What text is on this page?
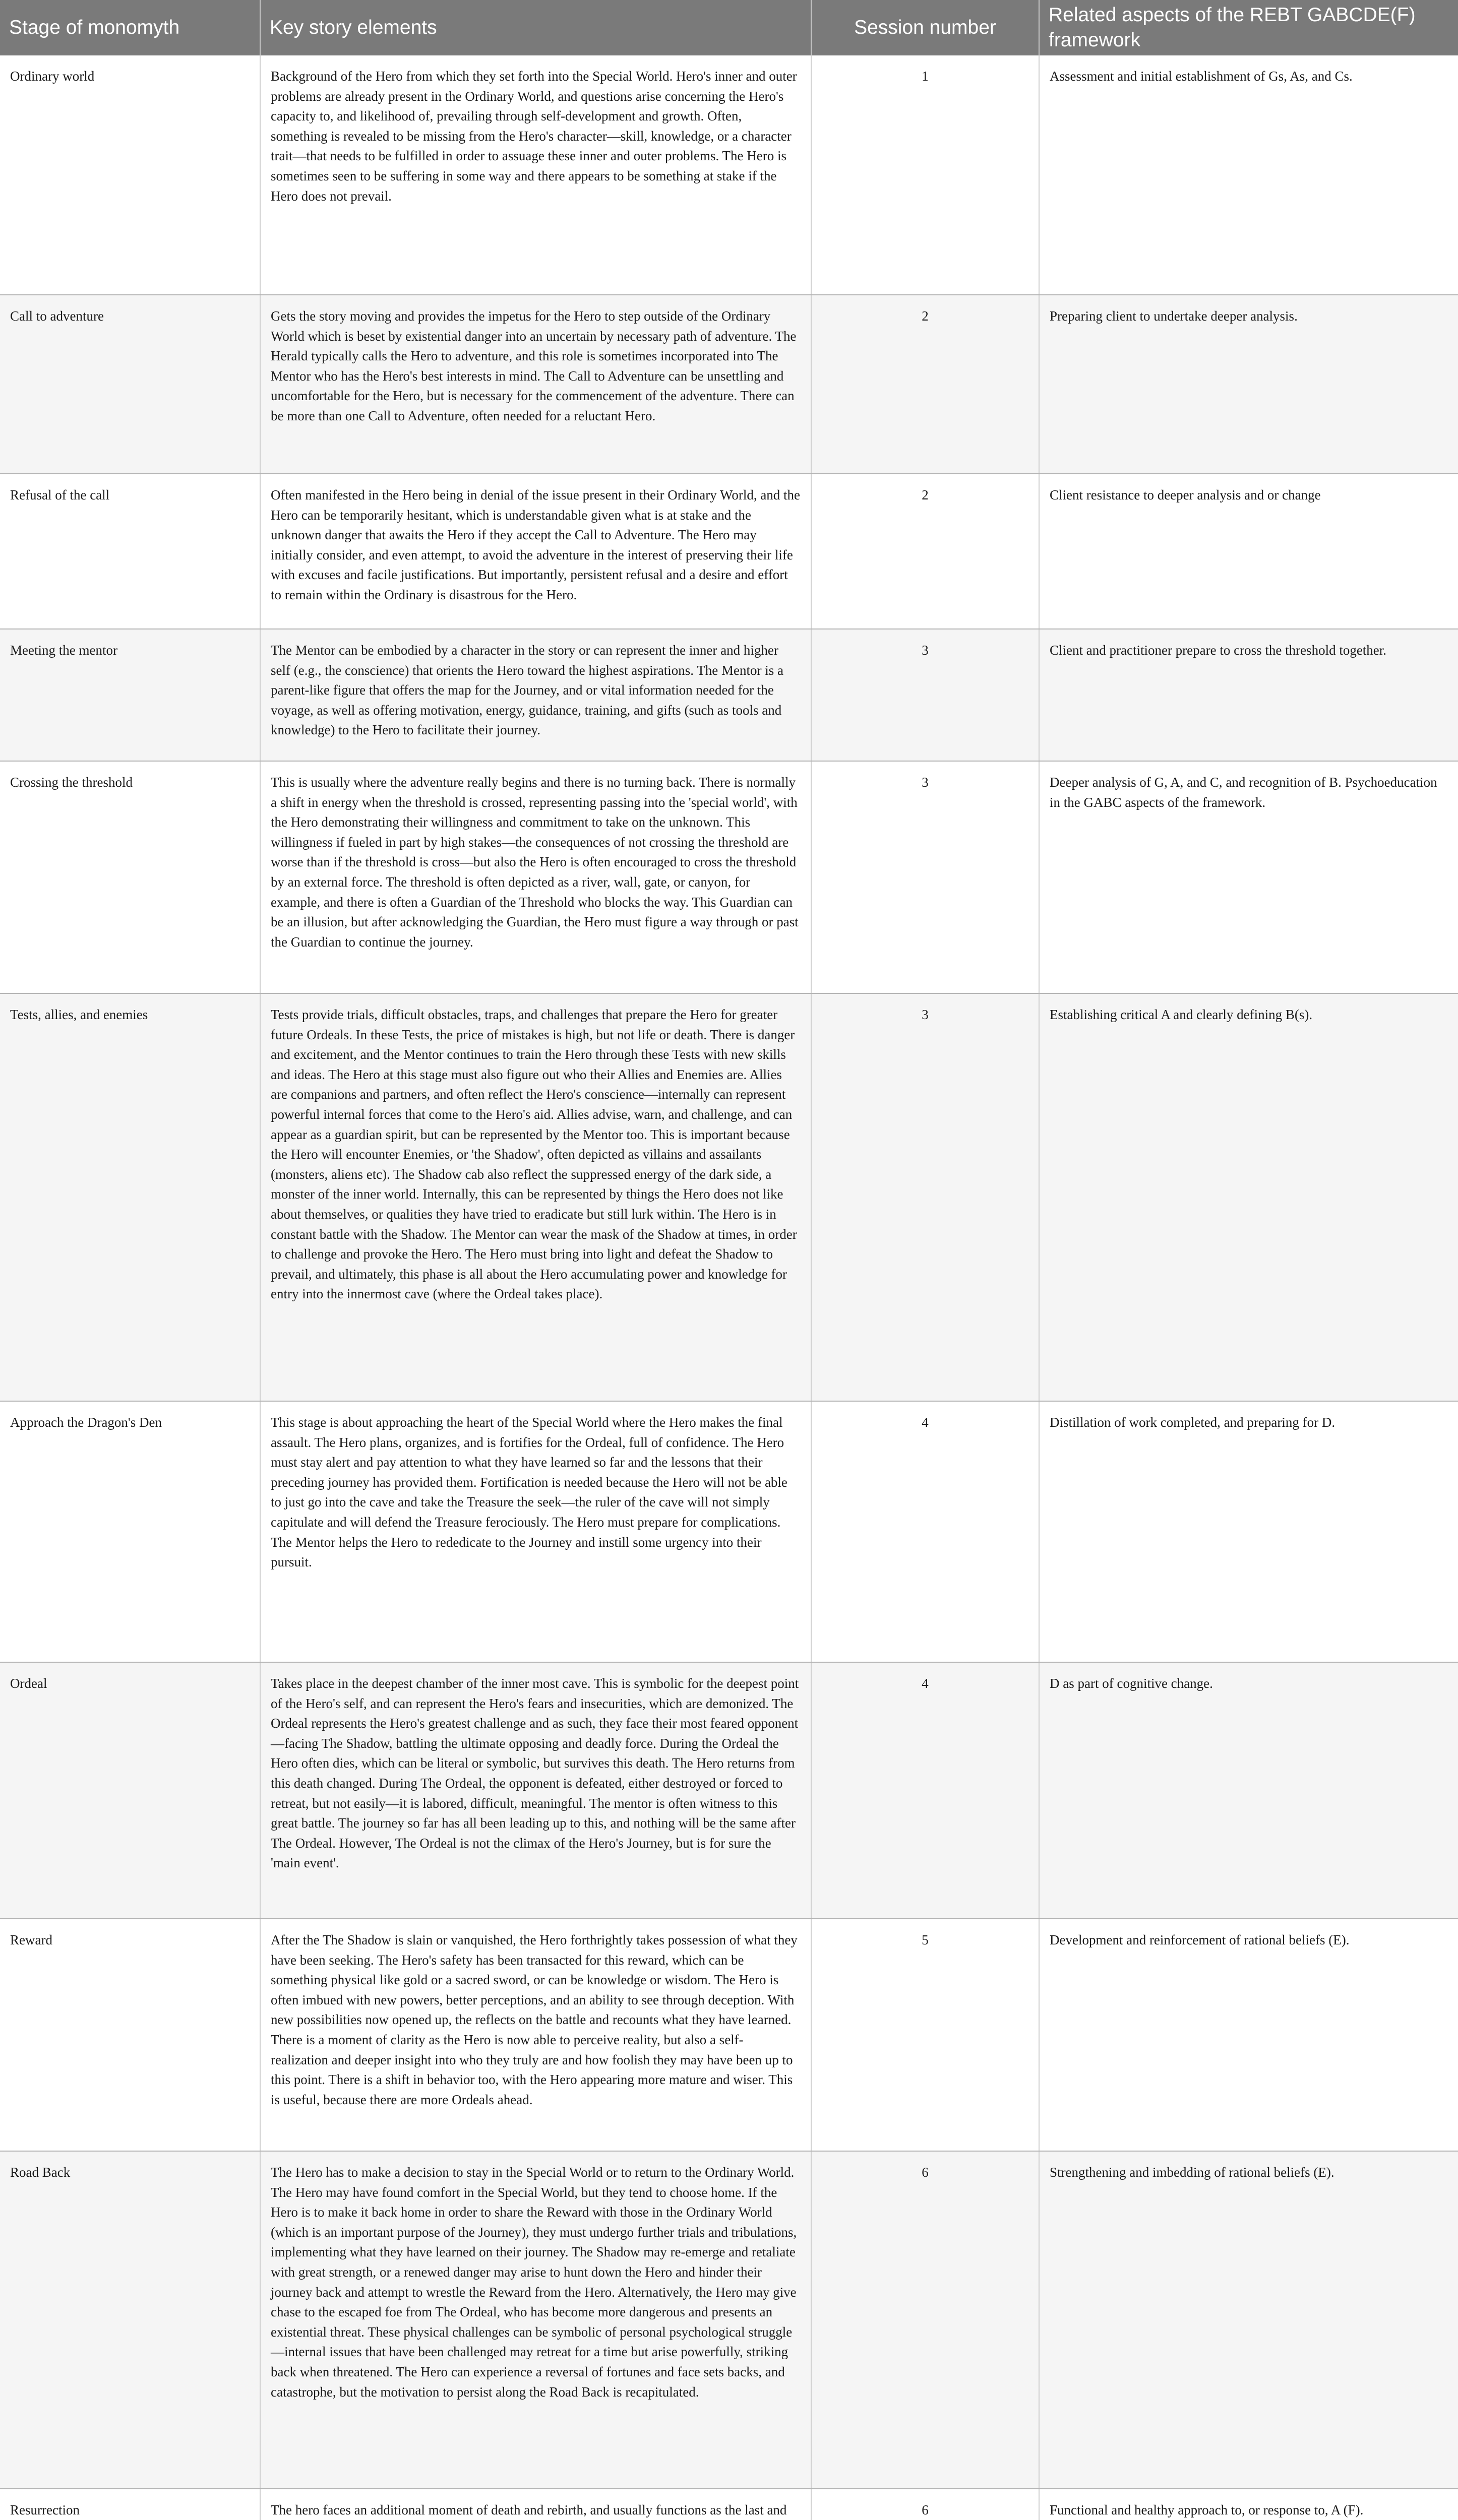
Stage of monomyth	Key story elements	Session number	Related aspects of the REBT GABCDE(F) framework
Ordinary world	Background of the Hero from which they set forth into the Special World. Hero's inner and outer problems are already present in the Ordinary World, and questions arise concerning the Hero's capacity to, and likelihood of, prevailing through self-development and growth. Often, something is revealed to be missing from the Hero's character—skill, knowledge, or a character trait—that needs to be fulfilled in order to assuage these inner and outer problems. The Hero is sometimes seen to be suffering in some way and there appears to be something at stake if the Hero does not prevail.	1	Assessment and initial establishment of Gs, As, and Cs.
Call to adventure	Gets the story moving and provides the impetus for the Hero to step outside of the Ordinary World which is beset by existential danger into an uncertain by necessary path of adventure. The Herald typically calls the Hero to adventure, and this role is sometimes incorporated into The Mentor who has the Hero's best interests in mind. The Call to Adventure can be unsettling and uncomfortable for the Hero, but is necessary for the commencement of the adventure. There can be more than one Call to Adventure, often needed for a reluctant Hero.	2	Preparing client to undertake deeper analysis.
Refusal of the call	Often manifested in the Hero being in denial of the issue present in their Ordinary World, and the Hero can be temporarily hesitant, which is understandable given what is at stake and the unknown danger that awaits the Hero if they accept the Call to Adventure. The Hero may initially consider, and even attempt, to avoid the adventure in the interest of preserving their life with excuses and facile justifications. But importantly, persistent refusal and a desire and effort to remain within the Ordinary is disastrous for the Hero.	2	Client resistance to deeper analysis and or change
Meeting the mentor	The Mentor can be embodied by a character in the story or can represent the inner and higher self (e.g., the conscience) that orients the Hero toward the highest aspirations. The Mentor is a parent-like figure that offers the map for the Journey, and or vital information needed for the voyage, as well as offering motivation, energy, guidance, training, and gifts (such as tools and knowledge) to the Hero to facilitate their journey.	3	Client and practitioner prepare to cross the threshold together.
Crossing the threshold	This is usually where the adventure really begins and there is no turning back. There is normally a shift in energy when the threshold is crossed, representing passing into the 'special world', with the Hero demonstrating their willingness and commitment to take on the unknown. This willingness if fueled in part by high stakes—the consequences of not crossing the threshold are worse than if the threshold is cross—but also the Hero is often encouraged to cross the threshold by an external force. The threshold is often depicted as a river, wall, gate, or canyon, for example, and there is often a Guardian of the Threshold who blocks the way. This Guardian can be an illusion, but after acknowledging the Guardian, the Hero must figure a way through or past the Guardian to continue the journey.	3	Deeper analysis of G, A, and C, and recognition of B. Psychoeducation in the GABC aspects of the framework.
Tests, allies, and enemies	Tests provide trials, difficult obstacles, traps, and challenges that prepare the Hero for greater future Ordeals. In these Tests, the price of mistakes is high, but not life or death. There is danger and excitement, and the Mentor continues to train the Hero through these Tests with new skills and ideas. The Hero at this stage must also figure out who their Allies and Enemies are. Allies are companions and partners, and often reflect the Hero's conscience—internally can represent powerful internal forces that come to the Hero's aid. Allies advise, warn, and challenge, and can appear as a guardian spirit, but can be represented by the Mentor too. This is important because the Hero will encounter Enemies, or 'the Shadow', often depicted as villains and assailants (monsters, aliens etc). The Shadow cab also reflect the suppressed energy of the dark side, a monster of the inner world. Internally, this can be represented by things the Hero does not like about themselves, or qualities they have tried to eradicate but still lurk within. The Hero is in constant battle with the Shadow. The Mentor can wear the mask of the Shadow at times, in order to challenge and provoke the Hero. The Hero must bring into light and defeat the Shadow to prevail, and ultimately, this phase is all about the Hero accumulating power and knowledge for entry into the innermost cave (where the Ordeal takes place).	3	Establishing critical A and clearly defining B(s).
Approach the Dragon's Den	This stage is about approaching the heart of the Special World where the Hero makes the final assault. The Hero plans, organizes, and is fortifies for the Ordeal, full of confidence. The Hero must stay alert and pay attention to what they have learned so far and the lessons that their preceding journey has provided them. Fortification is needed because the Hero will not be able to just go into the cave and take the Treasure the seek—the ruler of the cave will not simply capitulate and will defend the Treasure ferociously. The Hero must prepare for complications. The Mentor helps the Hero to rededicate to the Journey and instill some urgency into their pursuit.	4	Distillation of work completed, and preparing for D.
Ordeal	Takes place in the deepest chamber of the inner most cave. This is symbolic for the deepest point of the Hero's self, and can represent the Hero's fears and insecurities, which are demonized. The Ordeal represents the Hero's greatest challenge and as such, they face their most feared opponent—facing The Shadow, battling the ultimate opposing and deadly force. During the Ordeal the Hero often dies, which can be literal or symbolic, but survives this death. The Hero returns from this death changed. During The Ordeal, the opponent is defeated, either destroyed or forced to retreat, but not easily—it is labored, difficult, meaningful. The mentor is often witness to this great battle. The journey so far has all been leading up to this, and nothing will be the same after The Ordeal. However, The Ordeal is not the climax of the Hero's Journey, but is for sure the 'main event'.	4	D as part of cognitive change.
Reward	After the The Shadow is slain or vanquished, the Hero forthrightly takes possession of what they have been seeking. The Hero's safety has been transacted for this reward, which can be something physical like gold or a sacred sword, or can be knowledge or wisdom. The Hero is often imbued with new powers, better perceptions, and an ability to see through deception. With new possibilities now opened up, the reflects on the battle and recounts what they have learned. There is a moment of clarity as the Hero is now able to perceive reality, but also a self-realization and deeper insight into who they truly are and how foolish they may have been up to this point. There is a shift in behavior too, with the Hero appearing more mature and wiser. This is useful, because there are more Ordeals ahead.	5	Development and reinforcement of rational beliefs (E).
Road Back	The Hero has to make a decision to stay in the Special World or to return to the Ordinary World. The Hero may have found comfort in the Special World, but they tend to choose home. If the Hero is to make it back home in order to share the Reward with those in the Ordinary World (which is an important purpose of the Journey), they must undergo further trials and tribulations, implementing what they have learned on their journey. The Shadow may re-emerge and retaliate with great strength, or a renewed danger may arise to hunt down the Hero and hinder their journey back and attempt to wrestle the Reward from the Hero. Alternatively, the Hero may give chase to the escaped foe from The Ordeal, who has become more dangerous and presents an existential threat. These physical challenges can be symbolic of personal psychological struggle—internal issues that have been challenged may retreat for a time but arise powerfully, striking back when threatened. The Hero can experience a reversal of fortunes and face sets backs, and catastrophe, but the motivation to persist along the Road Back is recapitulated.	6	Strengthening and imbedding of rational beliefs (E).
Resurrection	The hero faces an additional moment of death and rebirth, and usually functions as the last and	6	Functional and healthy approach to, or response to, A (F).
